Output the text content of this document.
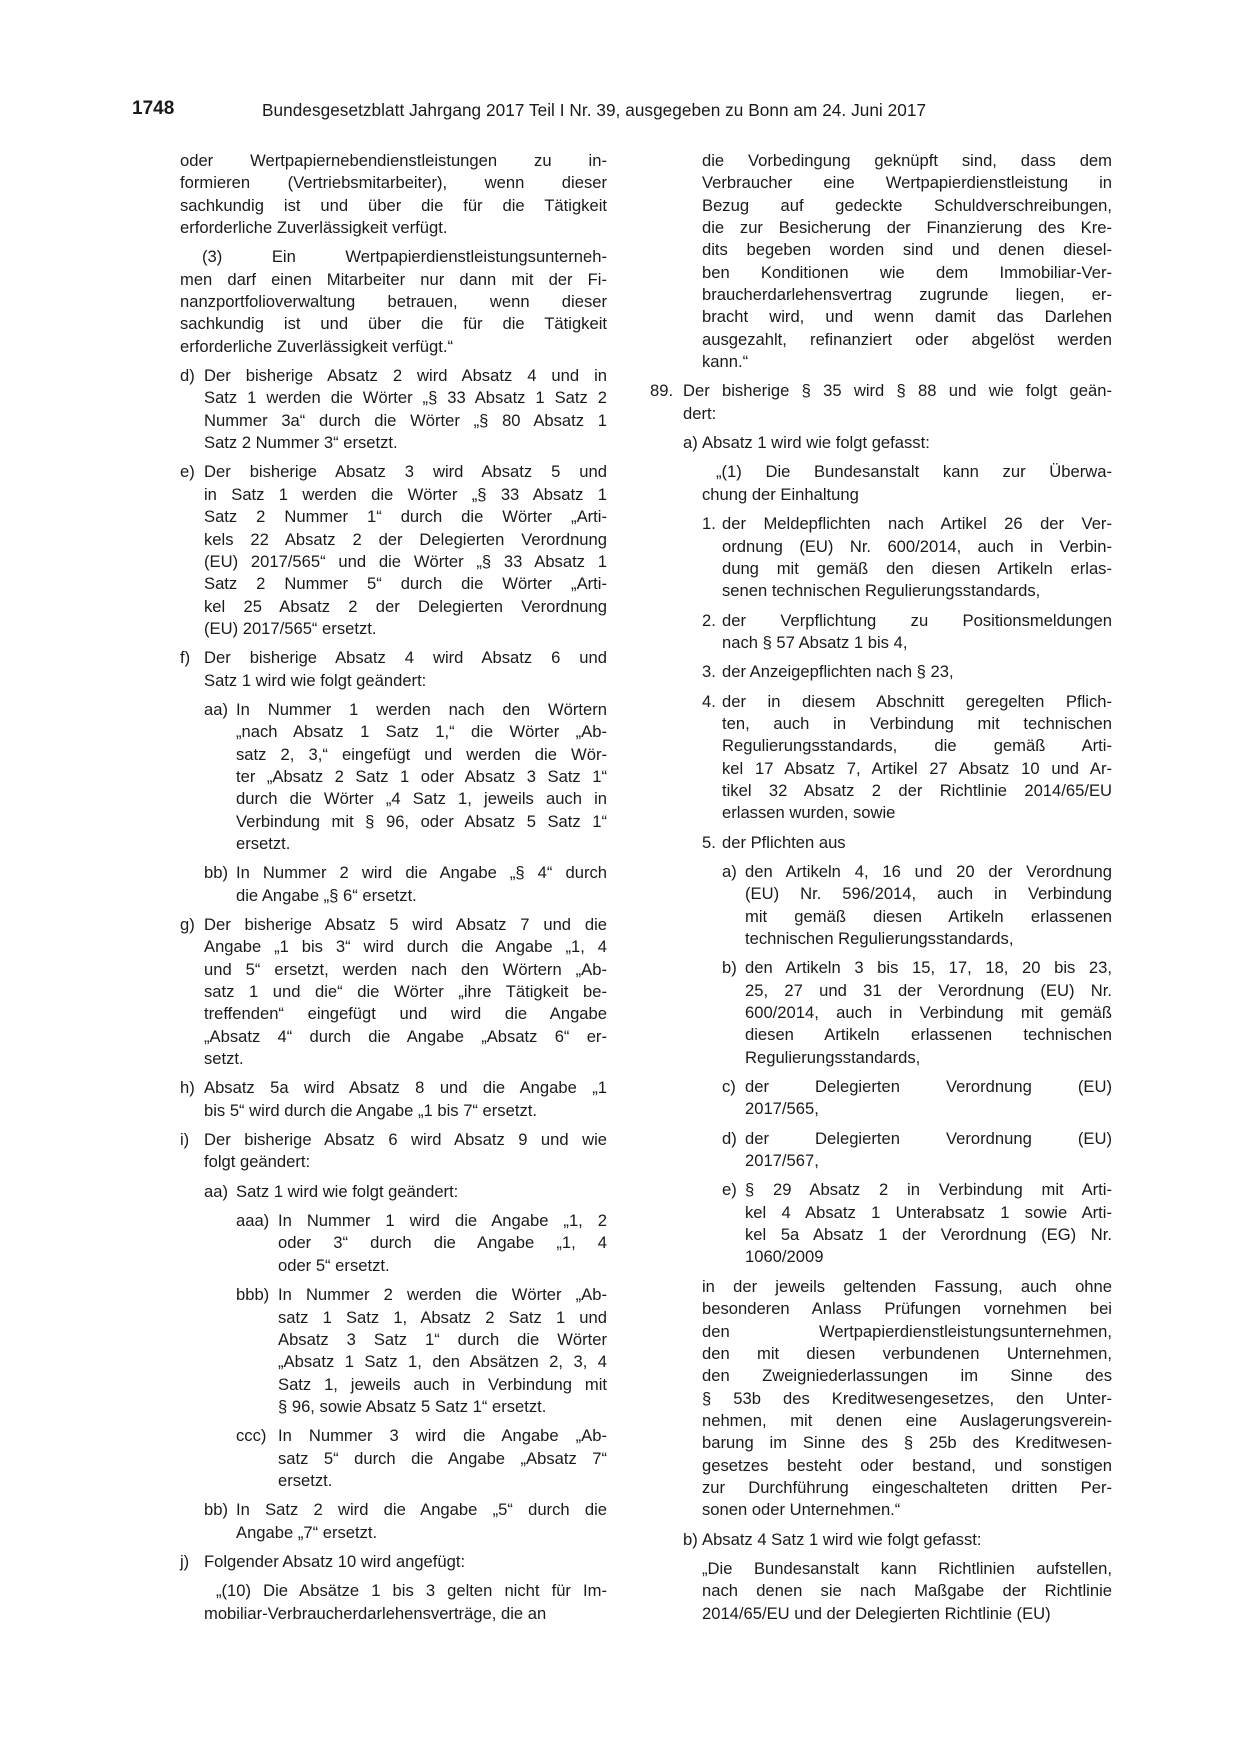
1748	Bundesgesetzblatt Jahrgang 2017 Teil I Nr. 39, ausgegeben zu Bonn am 24. Juni 2017
oder Wertpapiernebendienstleistungen zu in-
formieren (Vertriebsmitarbeiter), wenn dieser
sachkundig ist und über die für die Tätigkeit
erforderliche Zuverlässigkeit verfügt.
(3) Ein Wertpapierdienstleistungsunterneh-
men darf einen Mitarbeiter nur dann mit der Fi-
nanzportfolioverwaltung betrauen, wenn dieser
sachkundig ist und über die für die Tätigkeit
erforderliche Zuverlässigkeit verfügt.“
d) Der bisherige Absatz 2 wird Absatz 4 und in
Satz 1 werden die Wörter „§ 33 Absatz 1 Satz 2
Nummer 3a“ durch die Wörter „§ 80 Absatz 1
Satz 2 Nummer 3“ ersetzt.
e) Der bisherige Absatz 3 wird Absatz 5 und
in Satz 1 werden die Wörter „§ 33 Absatz 1
Satz 2 Nummer 1“ durch die Wörter „Arti-
kels 22 Absatz 2 der Delegierten Verordnung
(EU) 2017/565“ und die Wörter „§ 33 Absatz 1
Satz 2 Nummer 5“ durch die Wörter „Arti-
kel 25 Absatz 2 der Delegierten Verordnung
(EU) 2017/565“ ersetzt.
f) Der bisherige Absatz 4 wird Absatz 6 und
Satz 1 wird wie folgt geändert:
aa) In Nummer 1 werden nach den Wörtern
„nach Absatz 1 Satz 1,“ die Wörter „Ab-
satz 2, 3,“ eingefügt und werden die Wör-
ter „Absatz 2 Satz 1 oder Absatz 3 Satz 1“
durch die Wörter „4 Satz 1, jeweils auch in
Verbindung mit § 96, oder Absatz 5 Satz 1“
ersetzt.
bb) In Nummer 2 wird die Angabe „§ 4“ durch
die Angabe „§ 6“ ersetzt.
g) Der bisherige Absatz 5 wird Absatz 7 und die
Angabe „1 bis 3“ wird durch die Angabe „1, 4
und 5“ ersetzt, werden nach den Wörtern „Ab-
satz 1 und die“ die Wörter „ihre Tätigkeit be-
treffenden“ eingefügt und wird die Angabe
„Absatz 4“ durch die Angabe „Absatz 6“ er-
setzt.
h) Absatz 5a wird Absatz 8 und die Angabe „1
bis 5“ wird durch die Angabe „1 bis 7“ ersetzt.
i) Der bisherige Absatz 6 wird Absatz 9 und wie
folgt geändert:
aa) Satz 1 wird wie folgt geändert:
aaa) In Nummer 1 wird die Angabe „1, 2
oder 3“ durch die Angabe „1, 4
oder 5“ ersetzt.
bbb) In Nummer 2 werden die Wörter „Ab-
satz 1 Satz 1, Absatz 2 Satz 1 und
Absatz 3 Satz 1“ durch die Wörter
„Absatz 1 Satz 1, den Absätzen 2, 3, 4
Satz 1, jeweils auch in Verbindung mit
§ 96, sowie Absatz 5 Satz 1“ ersetzt.
ccc) In Nummer 3 wird die Angabe „Ab-
satz 5“ durch die Angabe „Absatz 7“
ersetzt.
bb) In Satz 2 wird die Angabe „5“ durch die
Angabe „7“ ersetzt.
j) Folgender Absatz 10 wird angefügt:
„(10) Die Absätze 1 bis 3 gelten nicht für Im-
mobiliar-Verbraucherdarlehensverträge, die an
die Vorbedingung geknüpft sind, dass dem
Verbraucher eine Wertpapierdienstleistung in
Bezug auf gedeckte Schuldverschreibungen,
die zur Besicherung der Finanzierung des Kre-
dits begeben worden sind und denen diesel-
ben Konditionen wie dem Immobiliar-Ver-
braucherdarlehensvertrag zugrunde liegen, er-
bracht wird, und wenn damit das Darlehen
ausgezahlt, refinanziert oder abgelöst werden
kann.“
89. Der bisherige § 35 wird § 88 und wie folgt geän-
dert:
a) Absatz 1 wird wie folgt gefasst:
„(1) Die Bundesanstalt kann zur Überwa-
chung der Einhaltung
1. der Meldepflichten nach Artikel 26 der Ver-
ordnung (EU) Nr. 600/2014, auch in Verbin-
dung mit gemäß den diesen Artikeln erlas-
senen technischen Regulierungsstandards,
2. der Verpflichtung zu Positionsmeldungen
nach § 57 Absatz 1 bis 4,
3. der Anzeigepflichten nach § 23,
4. der in diesem Abschnitt geregelten Pflich-
ten, auch in Verbindung mit technischen
Regulierungsstandards, die gemäß Arti-
kel 17 Absatz 7, Artikel 27 Absatz 10 und Ar-
tikel 32 Absatz 2 der Richtlinie 2014/65/EU
erlassen wurden, sowie
5. der Pflichten aus
a) den Artikeln 4, 16 und 20 der Verordnung
(EU) Nr. 596/2014, auch in Verbindung
mit gemäß diesen Artikeln erlassenen
technischen Regulierungsstandards,
b) den Artikeln 3 bis 15, 17, 18, 20 bis 23,
25, 27 und 31 der Verordnung (EU) Nr.
600/2014, auch in Verbindung mit gemäß
diesen Artikeln erlassenen technischen
Regulierungsstandards,
c) der Delegierten Verordnung (EU)
2017/565,
d) der Delegierten Verordnung (EU)
2017/567,
e) § 29 Absatz 2 in Verbindung mit Arti-
kel 4 Absatz 1 Unterabsatz 1 sowie Arti-
kel 5a Absatz 1 der Verordnung (EG) Nr.
1060/2009
in der jeweils geltenden Fassung, auch ohne
besonderen Anlass Prüfungen vornehmen bei
den Wertpapierdienstleistungsunternehmen,
den mit diesen verbundenen Unternehmen,
den Zweigniederlassungen im Sinne des
§ 53b des Kreditwesengesetzes, den Unter-
nehmen, mit denen eine Auslagerungsverein-
barung im Sinne des § 25b des Kreditwesen-
gesetzes besteht oder bestand, und sonstigen
zur Durchführung eingeschalteten dritten Per-
sonen oder Unternehmen.“
b) Absatz 4 Satz 1 wird wie folgt gefasst:
„Die Bundesanstalt kann Richtlinien aufstellen,
nach denen sie nach Maßgabe der Richtlinie
2014/65/EU und der Delegierten Richtlinie (EU)
